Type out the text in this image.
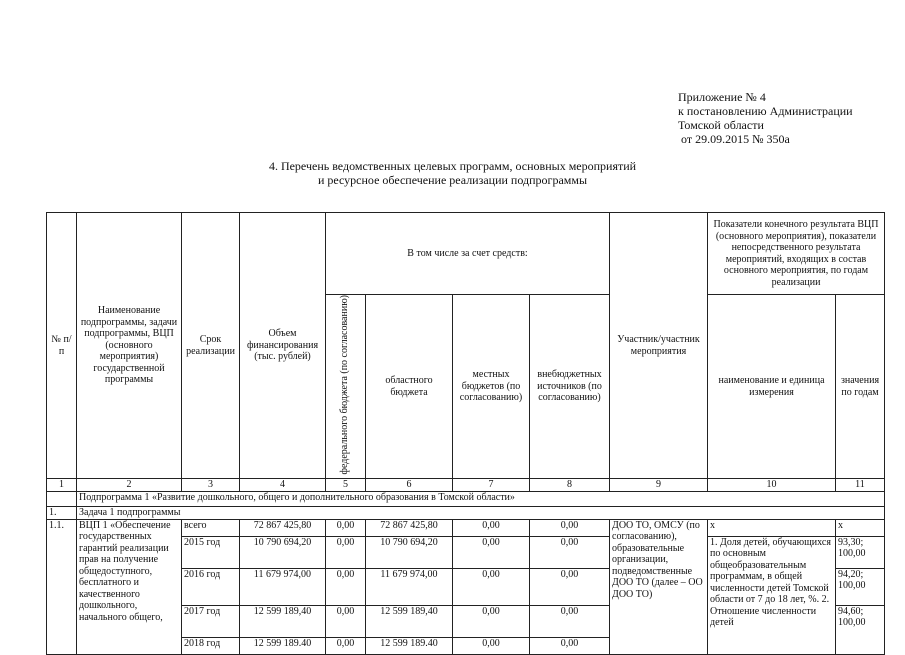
Приложение № 4
к постановлению Администрации
Томской области
от 29.09.2015 № 350а
4. Перечень ведомственных целевых программ, основных мероприятий
и ресурсное обеспечение реализации подпрограммы
№ п/п	Наименование подпрограммы, задачи подпрограммы, ВЦП (основного мероприятия) государственной программы	Срок реализации	Объем финансирования (тыс. рублей)	В том числе за счет средств:				Участник/участник мероприятия	Показатели конечного результата ВЦП (основного мероприятия), показатели непосредственного результата мероприятий, входящих в состав основного мероприятия, по годам реализации	
				федерального бюджета (по согласованию)	областного бюджета	местных бюджетов (по согласованию)	внебюджетных источников (по согласованию)		наименование и единица измерения	значения по годам
1	2	3	4	5	6	7	8	9	10	11
	Подпрограмма 1 «Развитие дошкольного, общего и дополнительного образования в Томской области»									
1.	Задача 1 подпрограммы									
1.1.	ВЦП 1 «Обеспечение государственных гарантий реализации прав на получение общедоступного, бесплатного и качественного дошкольного, начального общего,	всего	72 867 425,80	0,00	72 867 425,80	0,00	0,00	ДОО ТО, ОМСУ (по согласованию), образовательные организации, подведомственные ДОО ТО (далее – ОО ДОО ТО)	x	x
		2015 год	10 790 694,20	0,00	10 790 694,20	0,00	0,00		1. Доля детей, обучающихся по основным общеобразовательным программам, в общей численности детей Томской области от 7 до 18 лет, %. 2. Отношение численности детей	93,30; 100,00
		2016 год	11 679 974,00	0,00	11 679 974,00	0,00	0,00			94,20; 100,00
		2017 год	12 599 189,40	0,00	12 599 189,40	0,00	0,00			94,60; 100,00

		2018 год	12 599 189.40	0,00	12 599 189.40	0,00	0,00			
